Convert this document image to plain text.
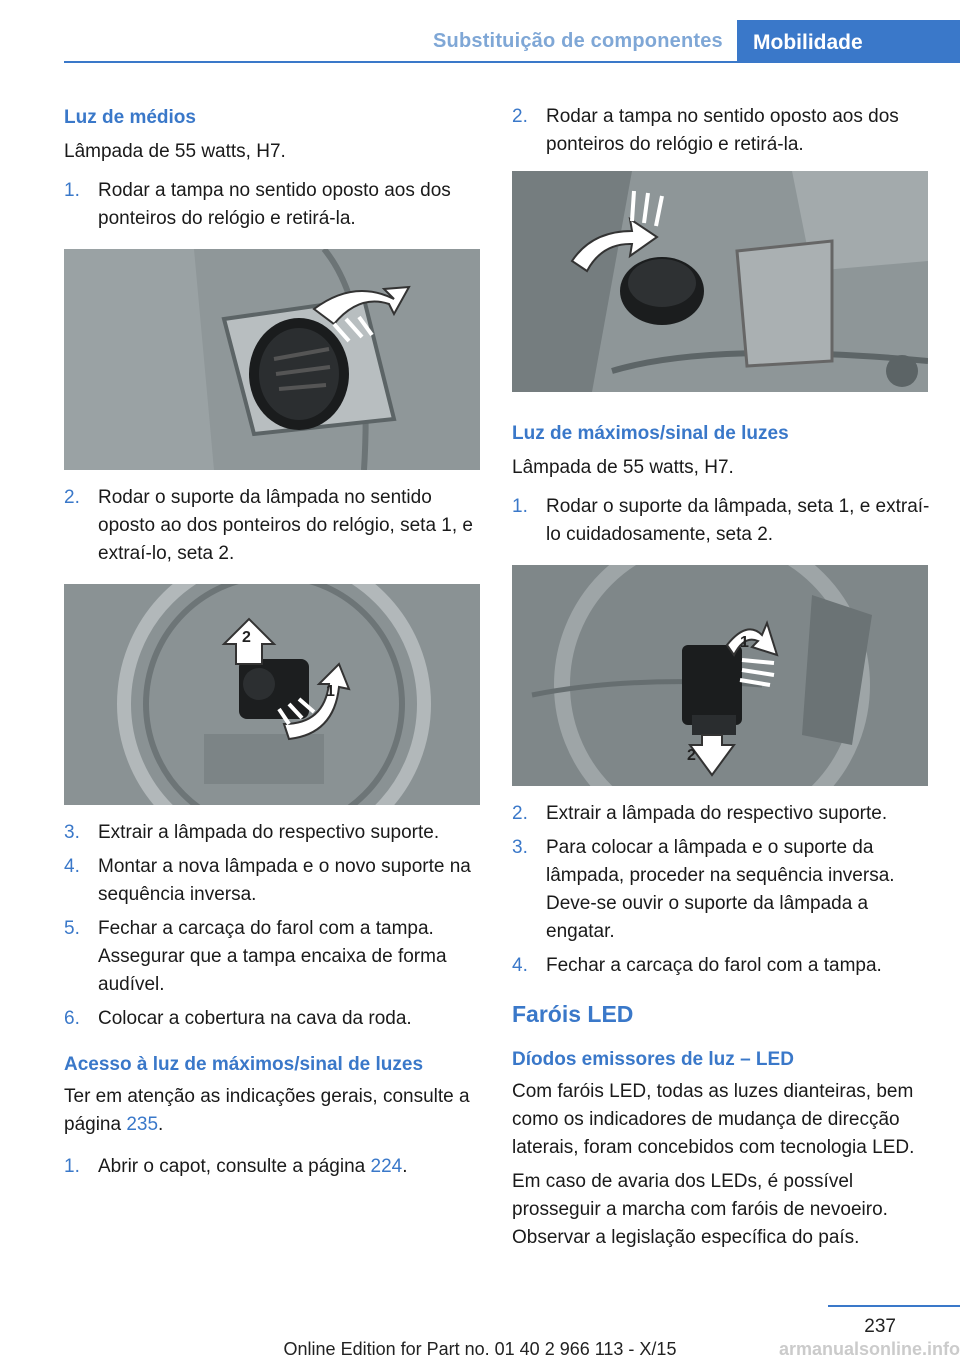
Substituição de componentes	Mobilidade
Luz de médios

Lâmpada de 55 watts, H7.

1. Rodar a tampa no sentido oposto aos dos ponteiros do relógio e retirá-la.
2. Rodar o suporte da lâmpada no sentido oposto ao dos ponteiros do relógio, seta 1, e extraí-lo, seta 2.
2
1
3. Extrair a lâmpada do respectivo suporte.
4. Montar a nova lâmpada e o novo suporte na sequência inversa.
5. Fechar a carcaça do farol com a tampa. Assegurar que a tampa encaixa de forma audível.
6. Colocar a cobertura na cava da roda.
Acesso à luz de máximos/sinal de luzes

Ter em atenção as indicações gerais, consulte a página 235.

1. Abrir o capot, consulte a página 224.
2. Rodar a tampa no sentido oposto aos dos ponteiros do relógio e retirá-la.
Luz de máximos/sinal de luzes

Lâmpada de 55 watts, H7.

1. Rodar o suporte da lâmpada, seta 1, e extraí-lo cuidadosamente, seta 2.
1
2
2. Extrair a lâmpada do respectivo suporte.
3. Para colocar a lâmpada e o suporte da lâmpada, proceder na sequência inversa. Deve-se ouvir o suporte da lâmpada a engatar.
4. Fechar a carcaça do farol com a tampa.
Faróis LED
Díodos emissores de luz – LED

Com faróis LED, todas as luzes dianteiras, bem como os indicadores de mudança de direcção laterais, foram concebidos com tecnologia LED.

Em caso de avaria dos LEDs, é possível prosseguir a marcha com faróis de nevoeiro. Observar a legislação específica do país.

237
Online Edition for Part no. 01 40 2 966 113 - X/15	armanualsonline.info
